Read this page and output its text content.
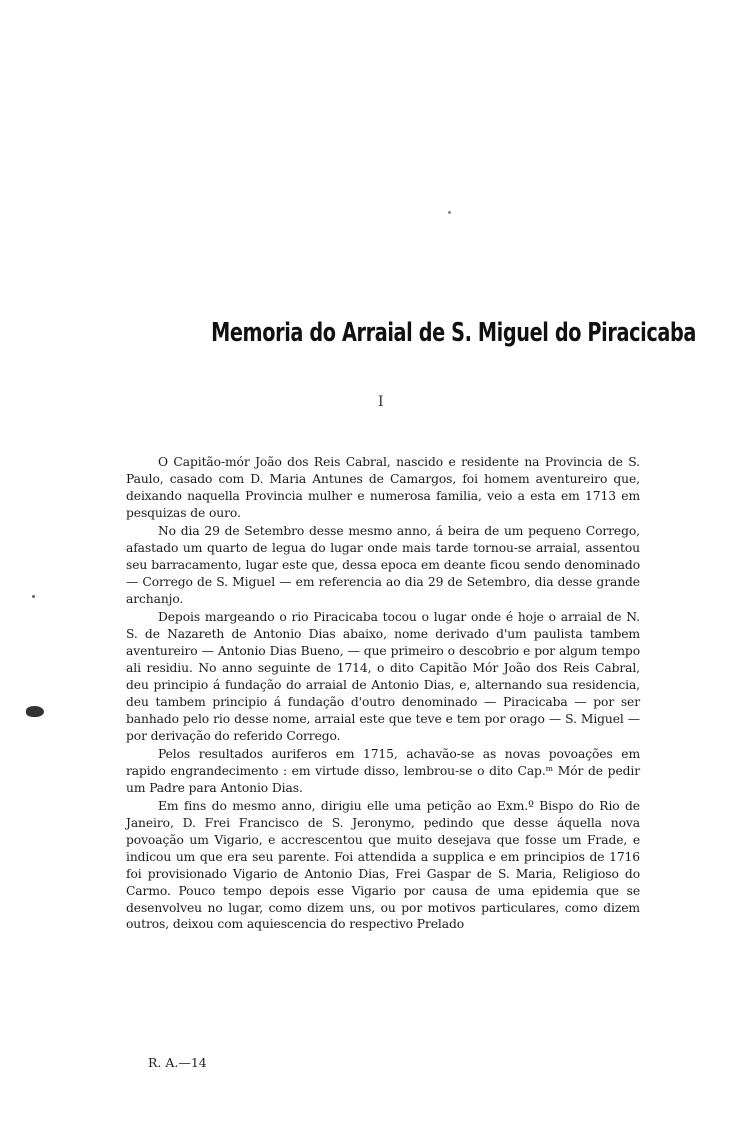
Memoria do Arraial de S. Miguel do Piracicaba
I

O Capitão-mór João dos Reis Cabral, nascido e residente na Provincia de S. Paulo, casado com D. Maria Antunes de Camargos, foi homem aventureiro que, deixando naquella Provincia mulher e numerosa familia, veio a esta em 1713 em pesquizas de ouro.

No dia 29 de Setembro desse mesmo anno, á beira de um pequeno Corrego, afastado um quarto de legua do lugar onde mais tarde tornou-se arraial, assentou seu barracamento, lugar este que, dessa epoca em deante ficou sendo denominado — Corrego de S. Miguel — em referencia ao dia 29 de Setembro, dia desse grande archanjo.

Depois margeando o rio Piracicaba tocou o lugar onde é hoje o arraial de N. S. de Nazareth de Antonio Dias abaixo, nome derivado d'um paulista tambem aventureiro — Antonio Dias Bueno, — que primeiro o descobrio e por algum tempo ali residiu. No anno seguinte de 1714, o dito Capitão Mór João dos Reis Cabral, deu principio á fundação do arraial de Antonio Dias, e, alternando sua residencia, deu tambem principio á fundação d'outro denominado — Piracicaba — por ser banhado pelo rio desse nome, arraial este que teve e tem por orago — S. Miguel — por derivação do referido Corrego.

Pelos resultados auriferos em 1715, achavão-se as novas povoações em rapido engrandecimento : em virtude disso, lembrou-se o dito Cap.ᵐ Mór de pedir um Padre para Antonio Dias.

Em fins do mesmo anno, dirigiu elle uma petição ao Exm.º Bispo do Rio de Janeiro, D. Frei Francisco de S. Jeronymo, pedindo que desse áquella nova povoação um Vigario, e accrescentou que muito desejava que fosse um Frade, e indicou um que era seu parente. Foi attendida a supplica e em principios de 1716 foi provisionado Vigario de Antonio Dias, Frei Gaspar de S. Maria, Religioso do Carmo. Pouco tempo depois esse Vigario por causa de uma epidemia que se desenvolveu no lugar, como dizem uns, ou por motivos particulares, como dizem outros, deixou com aquiescencia do respectivo Prelado

R. A.—14
